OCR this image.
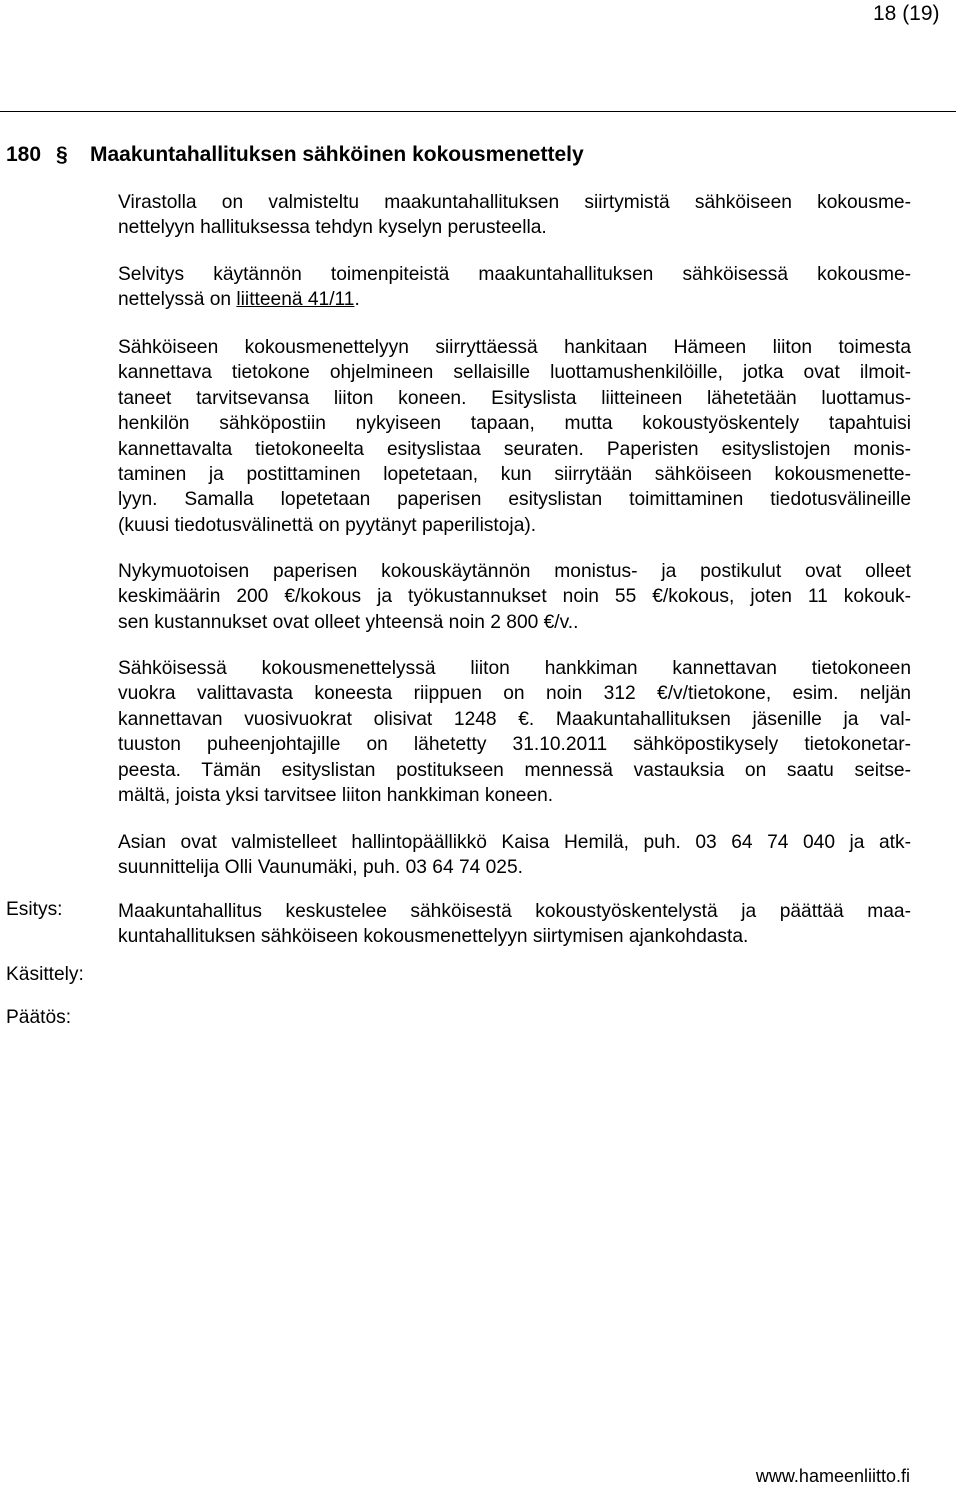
Hämeen liitto	Esityslista	10/2011	18 (19)
Maakuntahallitus
Kokouspäivämäärä
14.11.2011
180 § Maakuntahallituksen sähköinen kokousmenettely
Virastolla on valmisteltu maakuntahallituksen siirtymistä sähköiseen kokousme-
nettelyyn hallituksessa tehdyn kyselyn perusteella.
Selvitys käytännön toimenpiteistä maakuntahallituksen sähköisessä kokousme-
nettelyssä on liitteenä 41/11.
Sähköiseen kokousmenettelyyn siirryttäessä hankitaan Hämeen liiton toimesta
kannettava tietokone ohjelmineen sellaisille luottamushenkilöille, jotka ovat ilmoit-
taneet tarvitsevansa liiton koneen. Esityslista liitteineen lähetetään luottamus-
henkilön sähköpostiin nykyiseen tapaan, mutta kokoustyöskentely tapahtuisi
kannettavalta tietokoneelta esityslistaa seuraten. Paperisten esityslistojen monis-
taminen ja postittaminen lopetetaan, kun siirrytään sähköiseen kokousmenette-
lyyn. Samalla lopetetaan paperisen esityslistan toimittaminen tiedotusvälineille
(kuusi tiedotusvälinettä on pyytänyt paperilistoja).
Nykymuotoisen paperisen kokouskäytännön monistus- ja postikulut ovat olleet
keskimäärin 200 €/kokous ja työkustannukset noin 55 €/kokous, joten 11 kokouk-
sen kustannukset ovat olleet yhteensä noin 2 800 €/v..
Sähköisessä kokousmenettelyssä liiton hankkiman kannettavan tietokoneen
vuokra valittavasta koneesta riippuen on noin 312 €/v/tietokone, esim. neljän
kannettavan vuosivuokrat olisivat 1248 €. Maakuntahallituksen jäsenille ja val-
tuuston puheenjohtajille on lähetetty 31.10.2011 sähköpostikysely tietokonetar-
peesta. Tämän esityslistan postitukseen mennessä vastauksia on saatu seitse-
mältä, joista yksi tarvitsee liiton hankkiman koneen.
Asian ovat valmistelleet hallintopäällikkö Kaisa Hemilä, puh. 03 64 74 040 ja atk-
suunnittelija Olli Vaunumäki, puh. 03 64 74 025.
Esitys:	Maakuntahallitus keskustelee sähköisestä kokoustyöskentelystä ja päättää maa-
kuntahallituksen sähköiseen kokousmenettelyyn siirtymisen ajankohdasta.
Käsittely:
Päätös:
www.hameenliitto.fi
